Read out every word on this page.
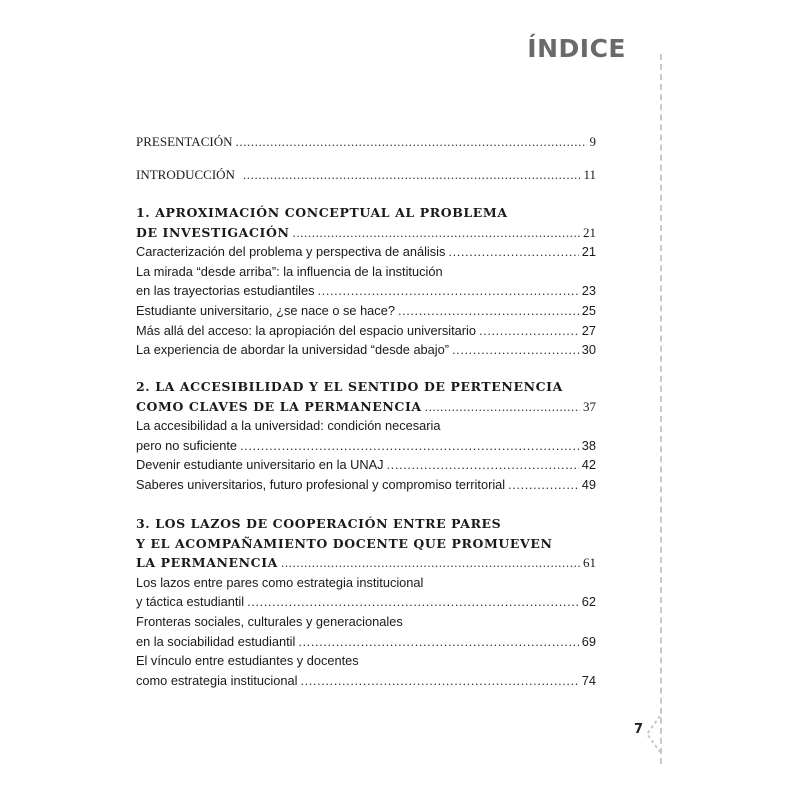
ÍNDICE
PRESENTACIÓN .....	9
INTRODUCCIÓN .....	11
1. APROXIMACIÓN CONCEPTUAL AL PROBLEMA
DE INVESTIGACIÓN .....	21
Caracterización del problema y perspectiva de análisis .....	21
La mirada “desde arriba”: la influencia de la institución
en las trayectorias estudiantiles .....	23
Estudiante universitario, ¿se nace o se hace? .....	25
Más allá del acceso: la apropiación del espacio universitario .....	27
La experiencia de abordar la universidad “desde abajo” .....	30
2. LA ACCESIBILIDAD Y EL SENTIDO DE PERTENENCIA
COMO CLAVES DE LA PERMANENCIA .....	37
La accesibilidad a la universidad: condición necesaria
pero no suficiente .....	38
Devenir estudiante universitario en la UNAJ .....	42
Saberes universitarios, futuro profesional y compromiso territorial .....	49
3. LOS LAZOS DE COOPERACIÓN ENTRE PARES
Y EL ACOMPAÑAMIENTO DOCENTE QUE PROMUEVEN
LA PERMANENCIA .....	61
Los lazos entre pares como estrategia institucional
y táctica estudiantil .....	62
Fronteras sociales, culturales y generacionales
en la sociabilidad estudiantil .....	69
El vínculo entre estudiantes y docentes
como estrategia institucional .....	74
7
